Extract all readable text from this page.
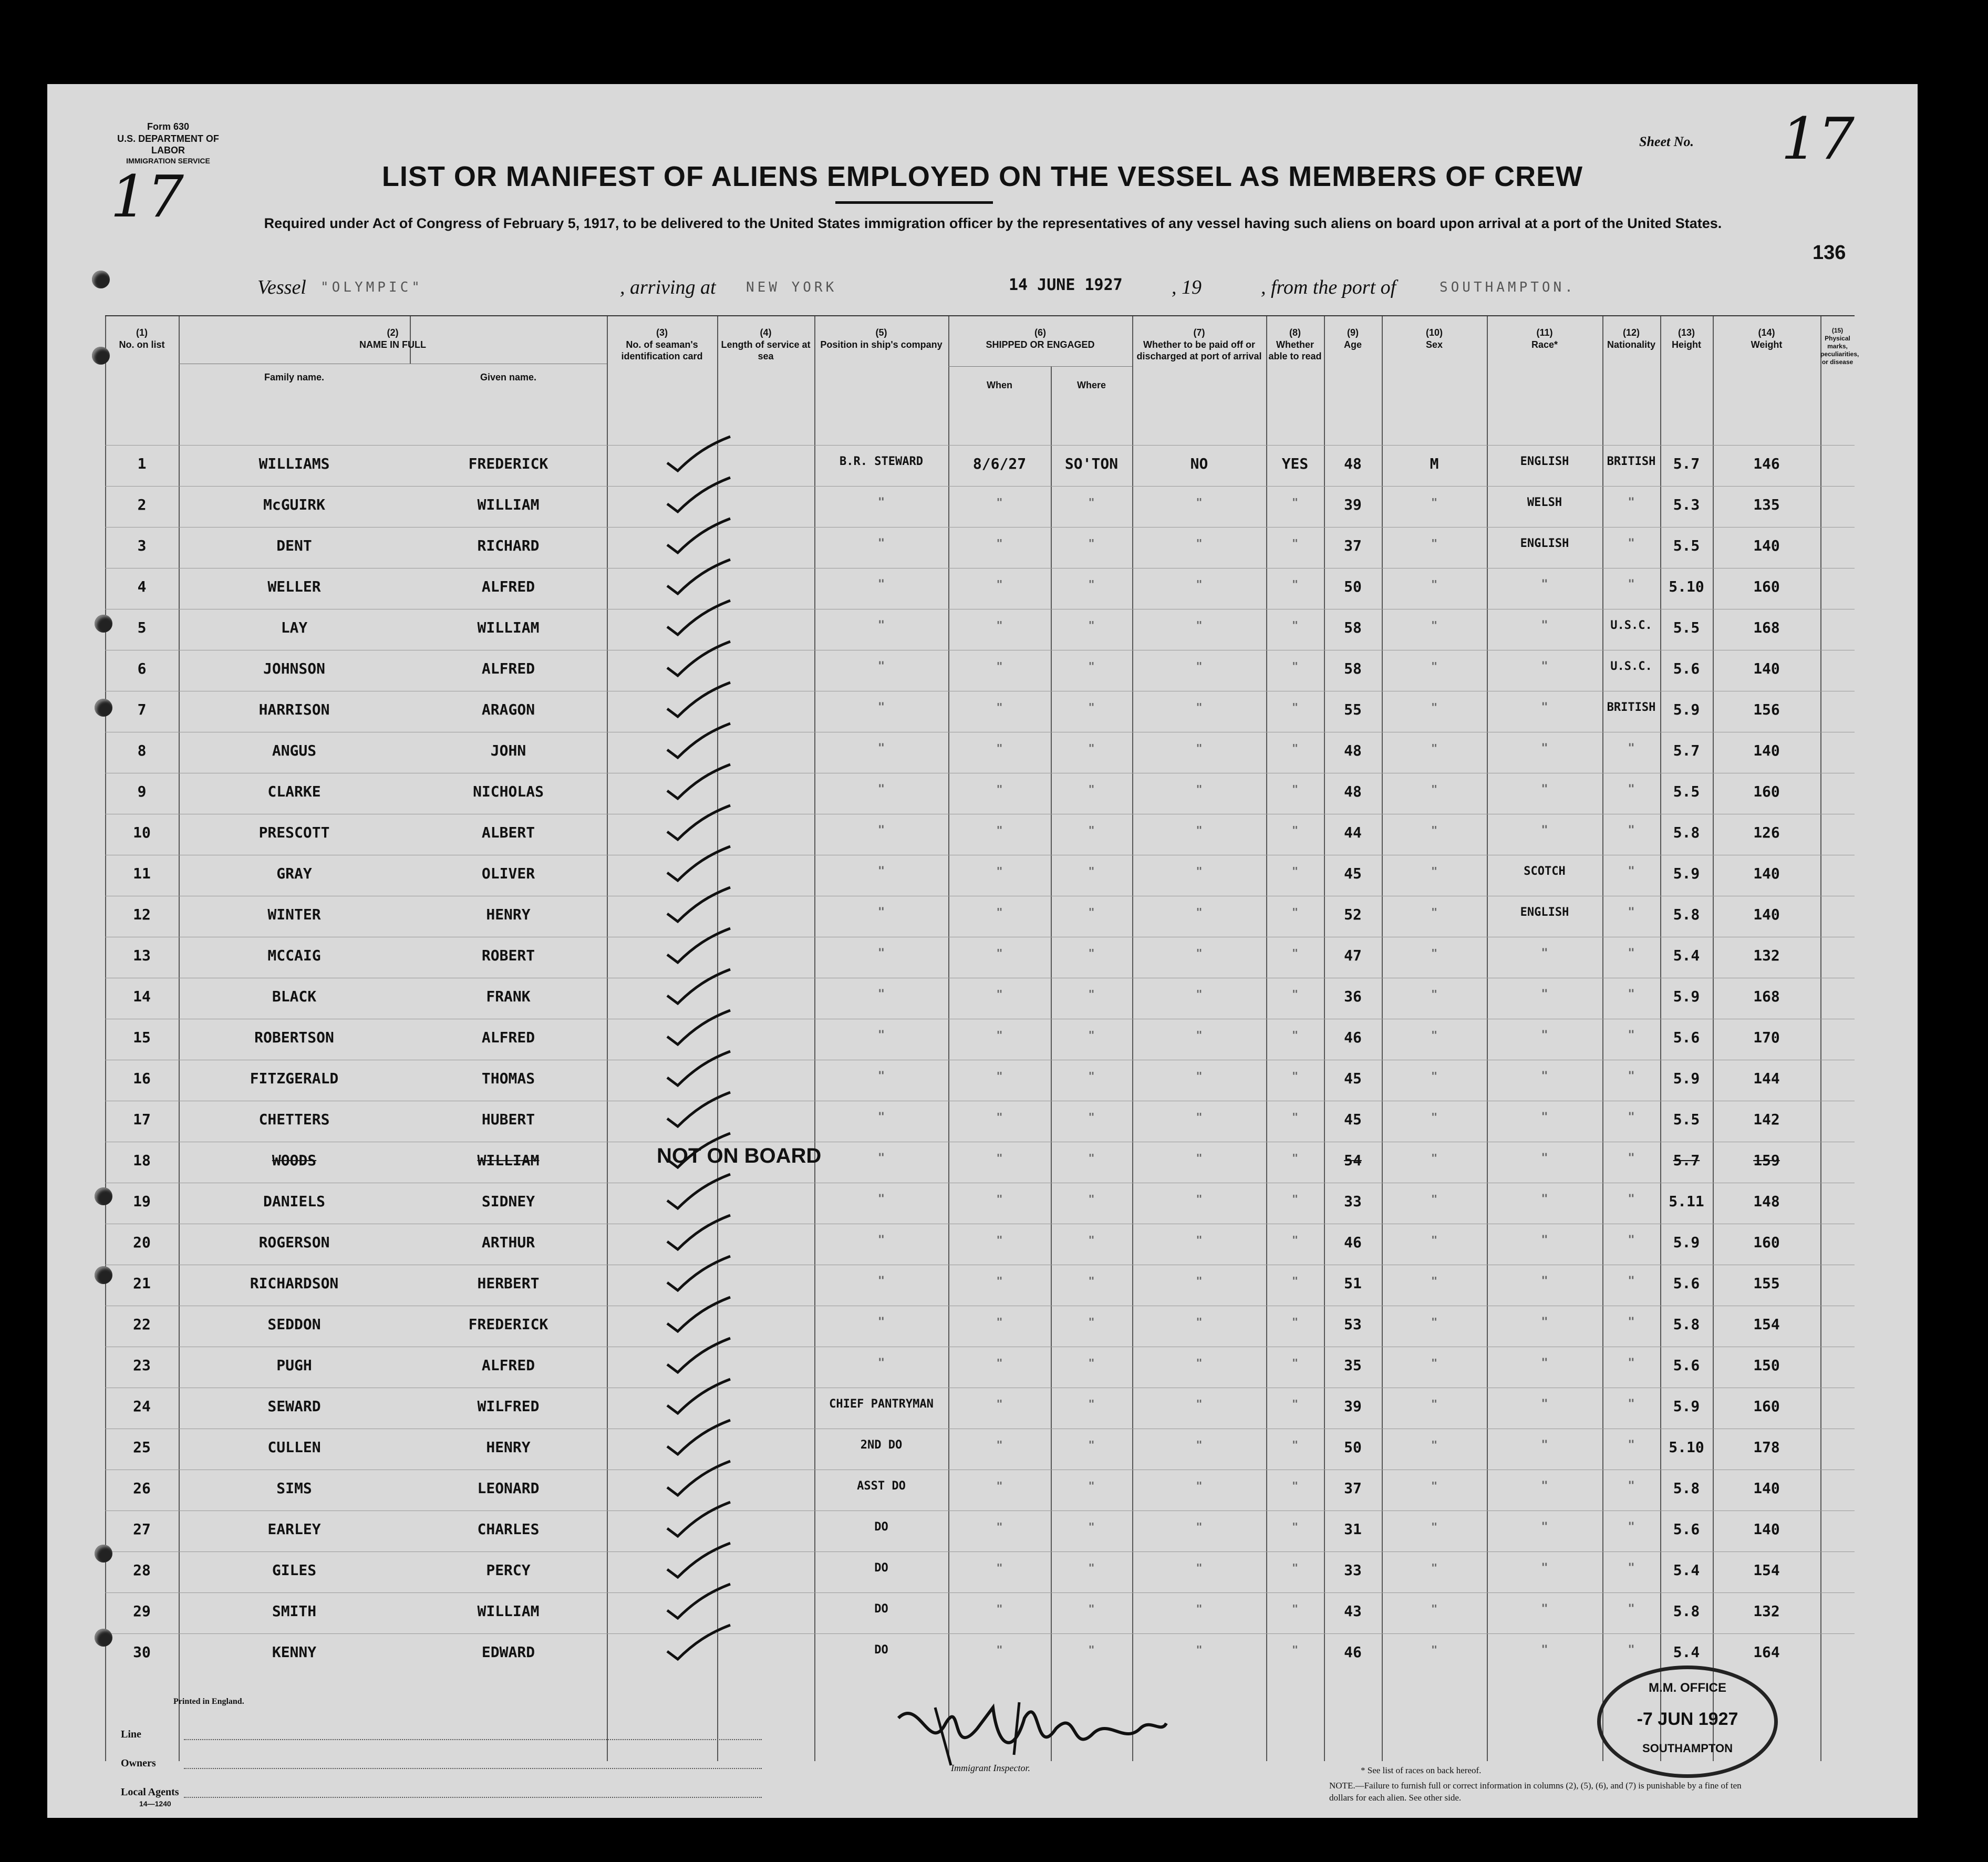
Form 630
U.S. DEPARTMENT OF LABOR
IMMIGRATION SERVICE
17
Sheet No. 17
136
LIST OR MANIFEST OF ALIENS EMPLOYED ON THE VESSEL AS MEMBERS OF CREW
Required under Act of Congress of February 5, 1917, to be delivered to the United States immigration officer by the representatives of any vessel having such aliens on board upon arrival at a port of the United States.
Vessel "OLYMPIC"	, arriving at NEW YORK	14 JUNE 1927 , 19	, from the port of	SOUTHAMPTON.
(1)
No. on list
(2)
NAME IN FULL
Family name.	Given name.
(3)
No. of seaman's identification card
(4)
Length of service at sea
(5)
Position in ship's company
(6)
SHIPPED OR ENGAGED
When	Where
(7)
Whether to be paid off or discharged at port of arrival
(8)
Whether able to read
(9)
Age
(10)
Sex
(11)
Race*
(12)
Nationality
(13)
Height
(14)
Weight
(15)
Physical marks, peculiarities, or disease
1	WILLIAMS	FREDERICK	B.R. STEWARD	8/6/27	SO'TON	NO	YES	48	M	ENGLISH	BRITISH	5.7	146
2	McGUIRK	WILLIAM	"	"	"	"	"	39	"	WELSH	"	5.3	135
3	DENT	RICHARD	"	"	"	"	"	37	"	ENGLISH	"	5.5	140
4	WELLER	ALFRED	"	"	"	"	"	50	"	"	"	5.10	160
5	LAY	WILLIAM	"	"	"	"	"	58	"	"	U.S.C.	5.5	168
6	JOHNSON	ALFRED	"	"	"	"	"	58	"	"	U.S.C.	5.6	140
7	HARRISON	ARAGON	"	"	"	"	"	55	"	"	BRITISH	5.9	156
8	ANGUS	JOHN	"	"	"	"	"	48	"	"	"	5.7	140
9	CLARKE	NICHOLAS	"	"	"	"	"	48	"	"	"	5.5	160
10	PRESCOTT	ALBERT	"	"	"	"	"	44	"	"	"	5.8	126
11	GRAY	OLIVER	"	"	"	"	"	45	"	SCOTCH	"	5.9	140
12	WINTER	HENRY	"	"	"	"	"	52	"	ENGLISH	"	5.8	140
13	MCCAIG	ROBERT	"	"	"	"	"	47	"	"	"	5.4	132
14	BLACK	FRANK	"	"	"	"	"	36	"	"	"	5.9	168
15	ROBERTSON	ALFRED	"	"	"	"	"	46	"	"	"	5.6	170
16	FITZGERALD	THOMAS	"	"	"	"	"	45	"	"	"	5.9	144
17	CHETTERS	HUBERT	"	"	"	"	"	45	"	"	"	5.5	142
18	WOODS	WILLIAM	"	"	"	"	"	54	"	"	"	5.7	159
NOT ON BOARD
19	DANIELS	SIDNEY	"	"	"	"	"	33	"	"	"	5.11	148
20	ROGERSON	ARTHUR	"	"	"	"	"	46	"	"	"	5.9	160
21	RICHARDSON	HERBERT	"	"	"	"	"	51	"	"	"	5.6	155
22	SEDDON	FREDERICK	"	"	"	"	"	53	"	"	"	5.8	154
23	PUGH	ALFRED	"	"	"	"	"	35	"	"	"	5.6	150
24	SEWARD	WILFRED	CHIEF PANTRYMAN	"	"	"	"	39	"	"	"	5.9	160
25	CULLEN	HENRY	2ND DO	"	"	"	"	50	"	"	"	5.10	178
26	SIMS	LEONARD	ASST DO	"	"	"	"	37	"	"	"	5.8	140
27	EARLEY	CHARLES	DO	"	"	"	"	31	"	"	"	5.6	140
28	GILES	PERCY	DO	"	"	"	"	33	"	"	"	5.4	154
29	SMITH	WILLIAM	DO	"	"	"	"	43	"	"	"	5.8	132
30	KENNY	EDWARD	DO	"	"	"	"	46	"	"	"	5.4	164
Printed in England.
Line
Owners
Local Agents
14—1240
Immigrant Inspector.	* See list of races on back hereof.
NOTE.—Failure to furnish full or correct information in columns (2), (5), (6), and (7) is punishable by a fine of ten dollars for each alien. See other side.
M.M. OFFICE
-7 JUN 1927
SOUTHAMPTON
